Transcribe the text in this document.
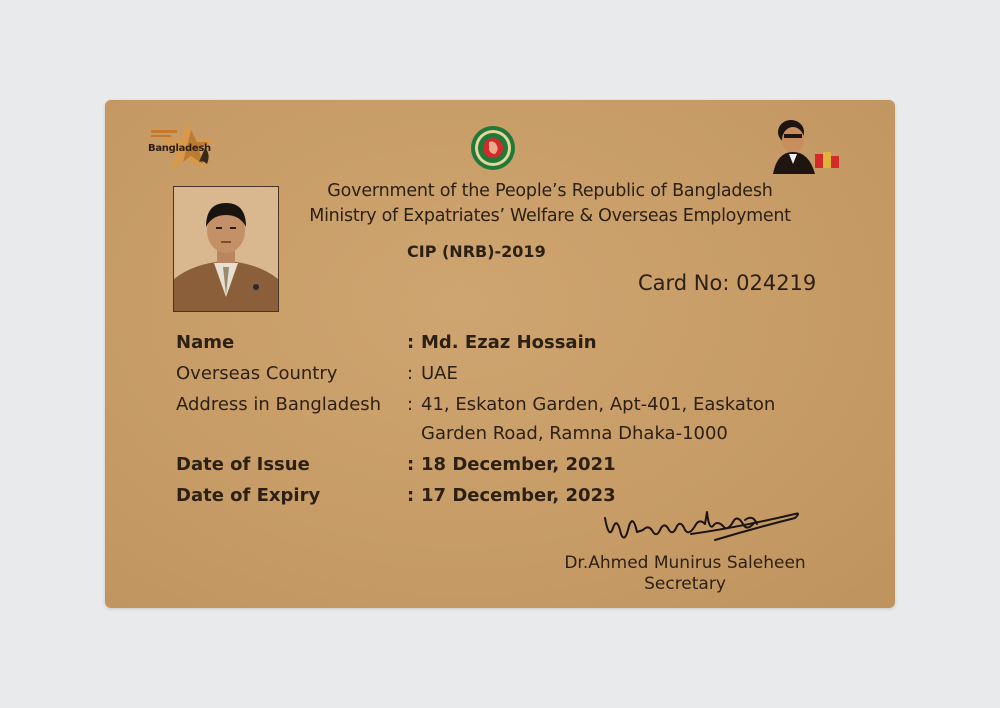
Bangladesh
Government of the People’s Republic of Bangladesh
Ministry of Expatriates’ Welfare & Overseas Employment
CIP (NRB)-2019
Card No: 024219
Name	: Md. Ezaz Hossain
Overseas Country	: UAE
Address in Bangladesh : 41, Eskaton Garden, Apt-401, Easkaton
Garden Road, Ramna Dhaka-1000
Date of Issue	: 18 December, 2021
Date of Expiry	: 17 December, 2023
Dr.Ahmed Munirus Saleheen
Secretary
